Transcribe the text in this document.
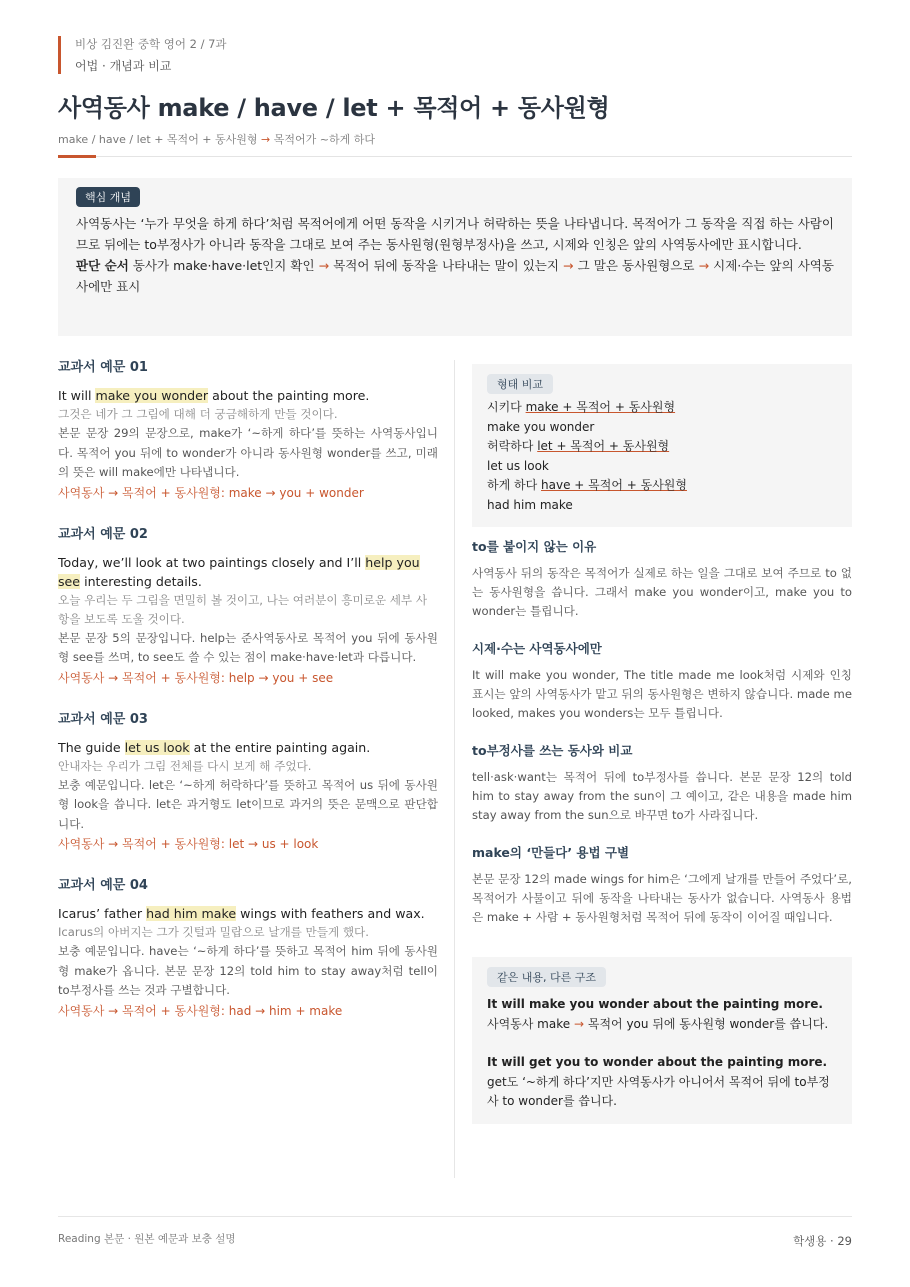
비상 김진완 중학 영어 2 / 7과
어법 · 개념과 비교
사역동사 make / have / let + 목적어 + 동사원형
make / have / let + 목적어 + 동사원형 → 목적어가 ~하게 하다
핵심 개념

사역동사는 ‘누가 무엇을 하게 하다’처럼 목적어에게 어떤 동작을 시키거나 허락하는 뜻을 나타냅니다. 목적어가 그 동작을 직접 하는 사람이므로 뒤에는 to부정사가 아니라 동작을 그대로 보여 주는 동사원형(원형부정사)을 쓰고, 시제와 인칭은 앞의 사역동사에만 표시합니다.

판단 순서 동사가 make·have·let인지 확인 → 목적어 뒤에 동작을 나타내는 말이 있는지 → 그 말은 동사원형으로 → 시제·수는 앞의 사역동사에만 표시

교과서 예문 01

It will make you wonder about the painting more.

그것은 네가 그 그림에 대해 더 궁금해하게 만들 것이다.

본문 문장 29의 문장으로, make가 ‘~하게 하다’를 뜻하는 사역동사입니다. 목적어 you 뒤에 to wonder가 아니라 동사원형 wonder를 쓰고, 미래의 뜻은 will make에만 나타냅니다.

사역동사 → 목적어 + 동사원형: make → you + wonder

교과서 예문 02

Today, we’ll look at two paintings closely and I’ll help you see interesting details.

오늘 우리는 두 그림을 면밀히 볼 것이고, 나는 여러분이 흥미로운 세부 사항을 보도록 도울 것이다.

본문 문장 5의 문장입니다. help는 준사역동사로 목적어 you 뒤에 동사원형 see를 쓰며, to see도 쓸 수 있는 점이 make·have·let과 다릅니다.

사역동사 → 목적어 + 동사원형: help → you + see

교과서 예문 03

The guide let us look at the entire painting again.

안내자는 우리가 그림 전체를 다시 보게 해 주었다.

보충 예문입니다. let은 ‘~하게 허락하다’를 뜻하고 목적어 us 뒤에 동사원형 look을 씁니다. let은 과거형도 let이므로 과거의 뜻은 문맥으로 판단합니다.

사역동사 → 목적어 + 동사원형: let → us + look

교과서 예문 04

Icarus’ father had him make wings with feathers and wax.

Icarus의 아버지는 그가 깃털과 밀랍으로 날개를 만들게 했다.

보충 예문입니다. have는 ‘~하게 하다’를 뜻하고 목적어 him 뒤에 동사원형 make가 옵니다. 본문 문장 12의 told him to stay away처럼 tell이 to부정사를 쓰는 것과 구별합니다.

사역동사 → 목적어 + 동사원형: had → him + make

형태 비교
시키다 make + 목적어 + 동사원형
make you wonder
허락하다 let + 목적어 + 동사원형
let us look
하게 하다 have + 목적어 + 동사원형
had him make

to를 붙이지 않는 이유

사역동사 뒤의 동작은 목적어가 실제로 하는 일을 그대로 보여 주므로 to 없는 동사원형을 씁니다. 그래서 make you wonder이고, make you to wonder는 틀립니다.

시제·수는 사역동사에만

It will make you wonder, The title made me look처럼 시제와 인칭 표시는 앞의 사역동사가 맡고 뒤의 동사원형은 변하지 않습니다. made me looked, makes you wonders는 모두 틀립니다.

to부정사를 쓰는 동사와 비교

tell·ask·want는 목적어 뒤에 to부정사를 씁니다. 본문 문장 12의 told him to stay away from the sun이 그 예이고, 같은 내용을 made him stay away from the sun으로 바꾸면 to가 사라집니다.

make의 ‘만들다’ 용법 구별

본문 문장 12의 made wings for him은 ‘그에게 날개를 만들어 주었다’로, 목적어가 사물이고 뒤에 동작을 나타내는 동사가 없습니다. 사역동사 용법은 make + 사람 + 동사원형처럼 목적어 뒤에 동작이 이어질 때입니다.

같은 내용, 다른 구조

It will make you wonder about the painting more.

사역동사 make → 목적어 you 뒤에 동사원형 wonder를 씁니다.

It will get you to wonder about the painting more.

get도 ‘~하게 하다’지만 사역동사가 아니어서 목적어 뒤에 to부정사 to wonder를 씁니다.

Reading 본문 · 원본 예문과 보충 설명	학생용 · 29
